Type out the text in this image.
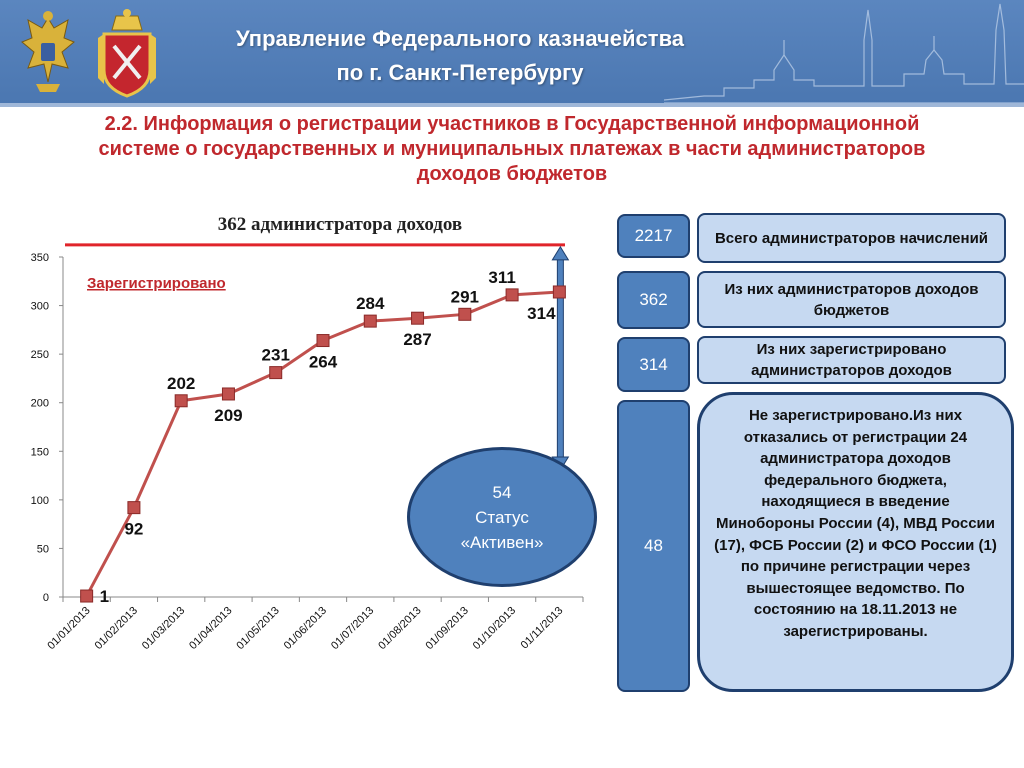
Управление Федерального казначейства
по г. Санкт-Петербургу
2.2. Информация о регистрации участников в Государственной информационной
системе о государственных и муниципальных платежах в части администраторов
доходов бюджетов
362 администратора доходов
0
50
100
150
200
250
300
350
01/01/2013 01/02/2013 01/03/2013 01/04/2013 01/05/2013 01/06/2013 01/07/2013 01/08/2013 01/09/2013 01/10/2013 01/11/2013
1
92
202
209
231 264
284
287
291
311
314
Зарегистрировано
54
Статус
«Активен»
2217	Всего администраторов начислений
362
Из них администраторов доходов бюджетов
314
Из них зарегистрировано администраторов доходов
48
Не зарегистрировано.Из них отказались от регистрации 24 администратора доходов федерального бюджета, находящиеся в введение Минобороны России (4), МВД России (17), ФСБ России (2) и ФСО России (1) по причине регистрации через вышестоящее ведомство. По состоянию на 18.11.2013 не зарегистрированы.
